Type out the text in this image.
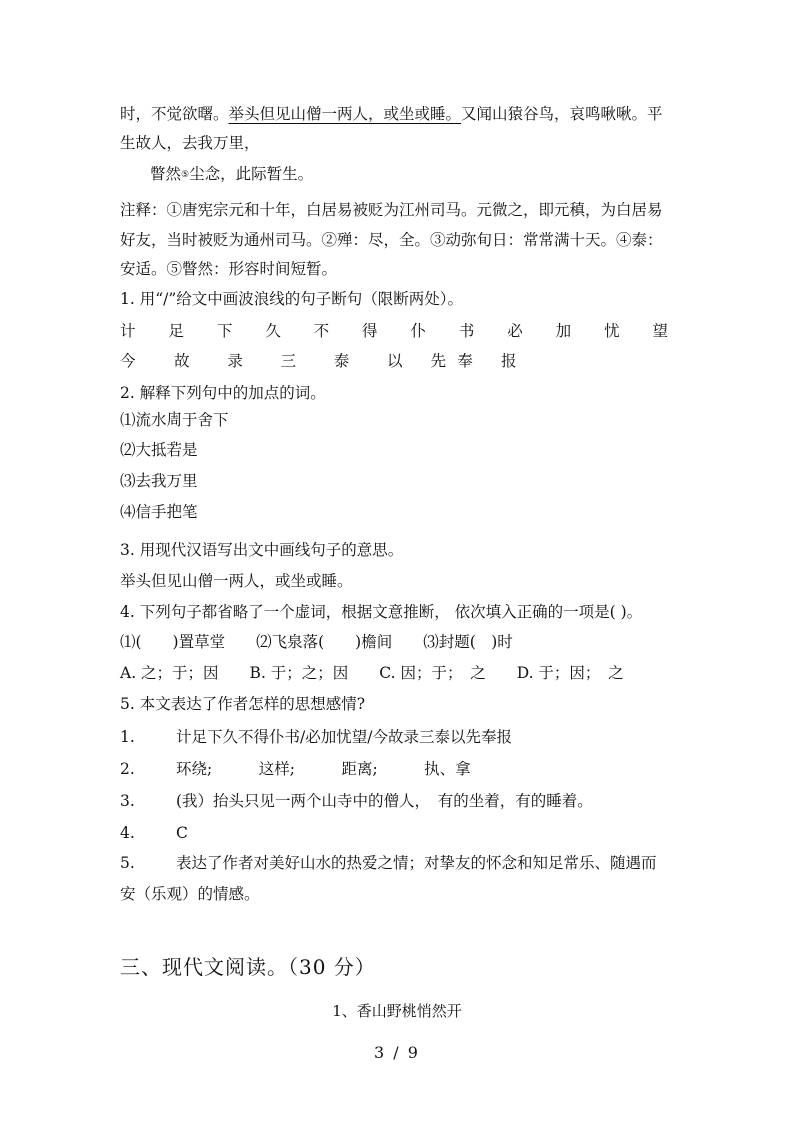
时，不觉欲曙。举头但见山僧一两人，或坐或睡。又闻山猿谷鸟，哀鸣啾啾。平
生故人，去我万里，
瞥然⑤尘念，此际暂生。
注释：①唐宪宗元和十年，白居易被贬为江州司马。元微之，即元稹，为白居易
好友，当时被贬为通州司马。②殚：尽，全。③动弥旬日：常常满十天。④泰：
安适。⑤瞥然：形容时间短暂。
1. 用“/”给文中画波浪线的句子断句（限断两处）。
计 足 下 久 不 得 仆 书 必 加 忧 望
今	故	录	三	泰	以	先 奉	报
2. 解释下列句中的加点的词。
⑴流水周于舍下
⑵大抵若是
⑶去我万里
⑷信手把笔
3. 用现代汉语写出文中画线句子的意思。
举头但见山僧一两人，或坐或睡。
4. 下列句子都省略了一个虚词，根据文意推断， 依次填入正确的一项是( )。
⑴(　　)置草堂　　⑵飞泉落(　　)檐间　　⑶封题(　)时
A. 之；于；因　　B. 于；之；因　　C. 因；于；　之　　D. 于；因；　之
5. 本文表达了作者怎样的思想感情?
1.	计足下久不得仆书/必加忧望/今故录三泰以先奉报
2.	环绕;　　　这样;　　　距离;　　　执、拿
3.	(我）抬头只见一两个山寺中的僧人，　有的坐着，有的睡着。
4.	C
5.	表达了作者对美好山水的热爱之情；对挚友的怀念和知足常乐、随遇而
安（乐观）的情感。
三、现代文阅读。（30 分）
1、香山野桃悄然开
3 / 9
